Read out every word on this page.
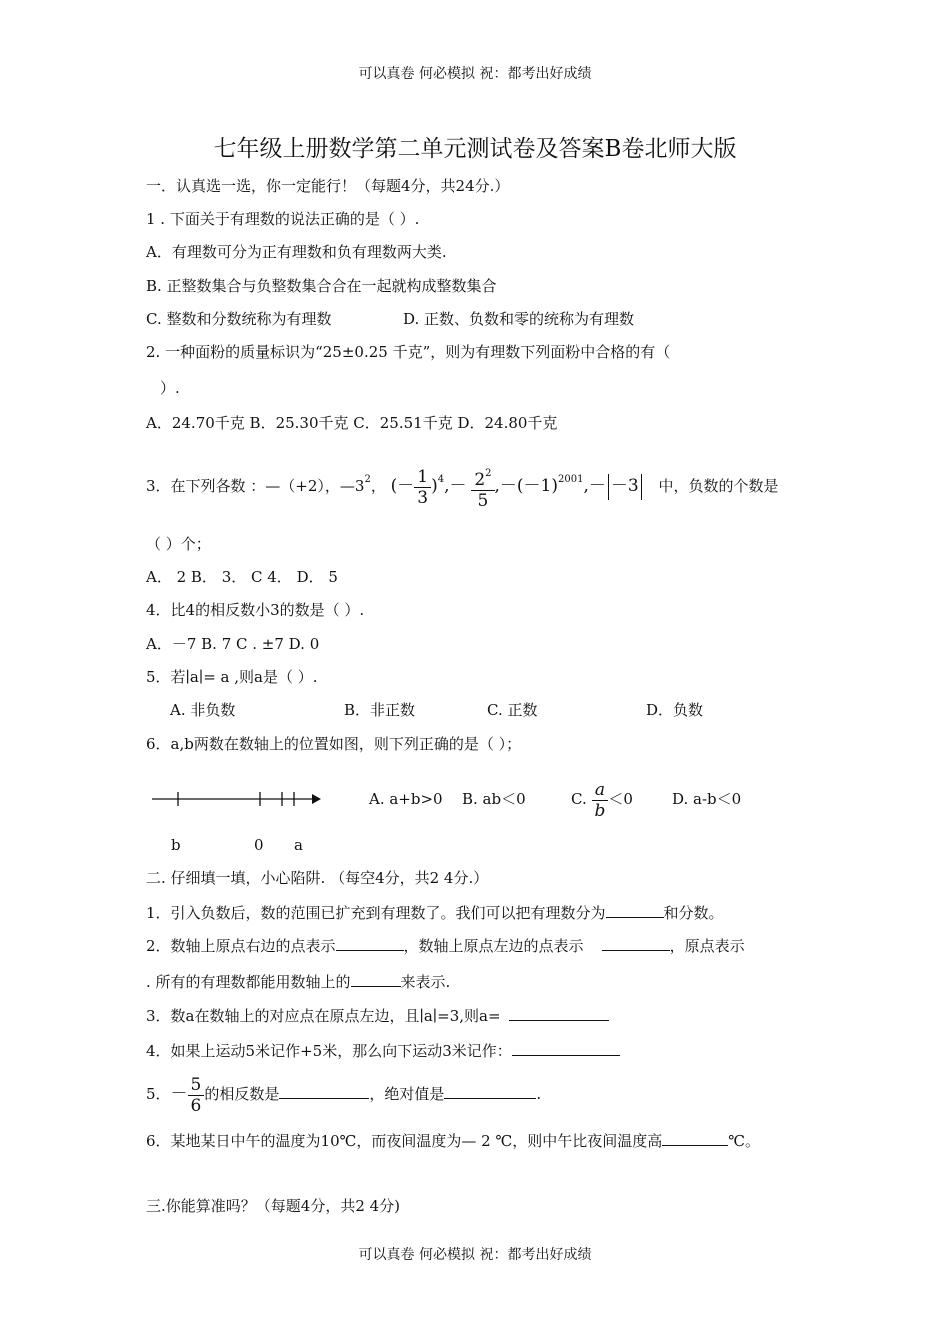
可以真卷 何必模拟 祝：都考出好成绩
七年级上册数学第二单元测试卷及答案B卷北师大版
一．认真选一选，你一定能行！（每题4分，共24分.）
1 . 下面关于有理数的说法正确的是（ ）.
A．有理数可分为正有理数和负有理数两大类.
B. 正整数集合与负整数集合合在一起就构成整数集合
C. 整数和分数统称为有理数	D. 正数、负数和零的统称为有理数
2. 一种面粉的质量标识为“25±0.25 千克”，则为有理数下列面粉中合格的有（
）.
A．24.70千克 B．25.30千克 C．25.51千克 D．24.80千克
3．在下列各数 ：—（+2），$—3^2$， (－ $\frac{1}{3} )^4,- \frac{2^2}{5} ,-(-1)^{2001},- -3$ 中，负数的个数是
（ ）个；
A． 2 B． 3． C 4． D． 5
4．比4的相反数小3的数是（ ）.
A．－7 B. 7 C . ±7 D. 0
5．若∣a∣= a ,则a是（ ）.
A. 非负数	B．非正数	C. 正数	D．负数
6．a,b两数在数轴上的位置如图，则下列正确的是（ ）；
A. a+b>0 B. ab＜0	C. $\frac{a}{b} <0$	D. a-b＜0
b	0 a
二. 仔细填一填，小心陷阱. （每空4分，共2 4分.）
1．引入负数后，数的范围已扩充到有理数了。我们可以把有理数分为	和分数。
2．数轴上原点右边的点表示	，数轴上原点左边的点表示	，原点表示
. 所有的有理数都能用数轴上的	来表示.
3．数a在数轴上的对应点在原点左边，且∣a∣=3,则a=
4．如果上运动5米记作+5米，那么向下运动3米记作：
5．－ $\frac{5}{6}$ 的相反数是	，绝对值是	.
6．某地某日中午的温度为10℃，而夜间温度为— 2 ℃，则中午比夜间温度高	℃。
三.你能算准吗？（每题4分，共2 4分)
可以真卷 何必模拟 祝：都考出好成绩
